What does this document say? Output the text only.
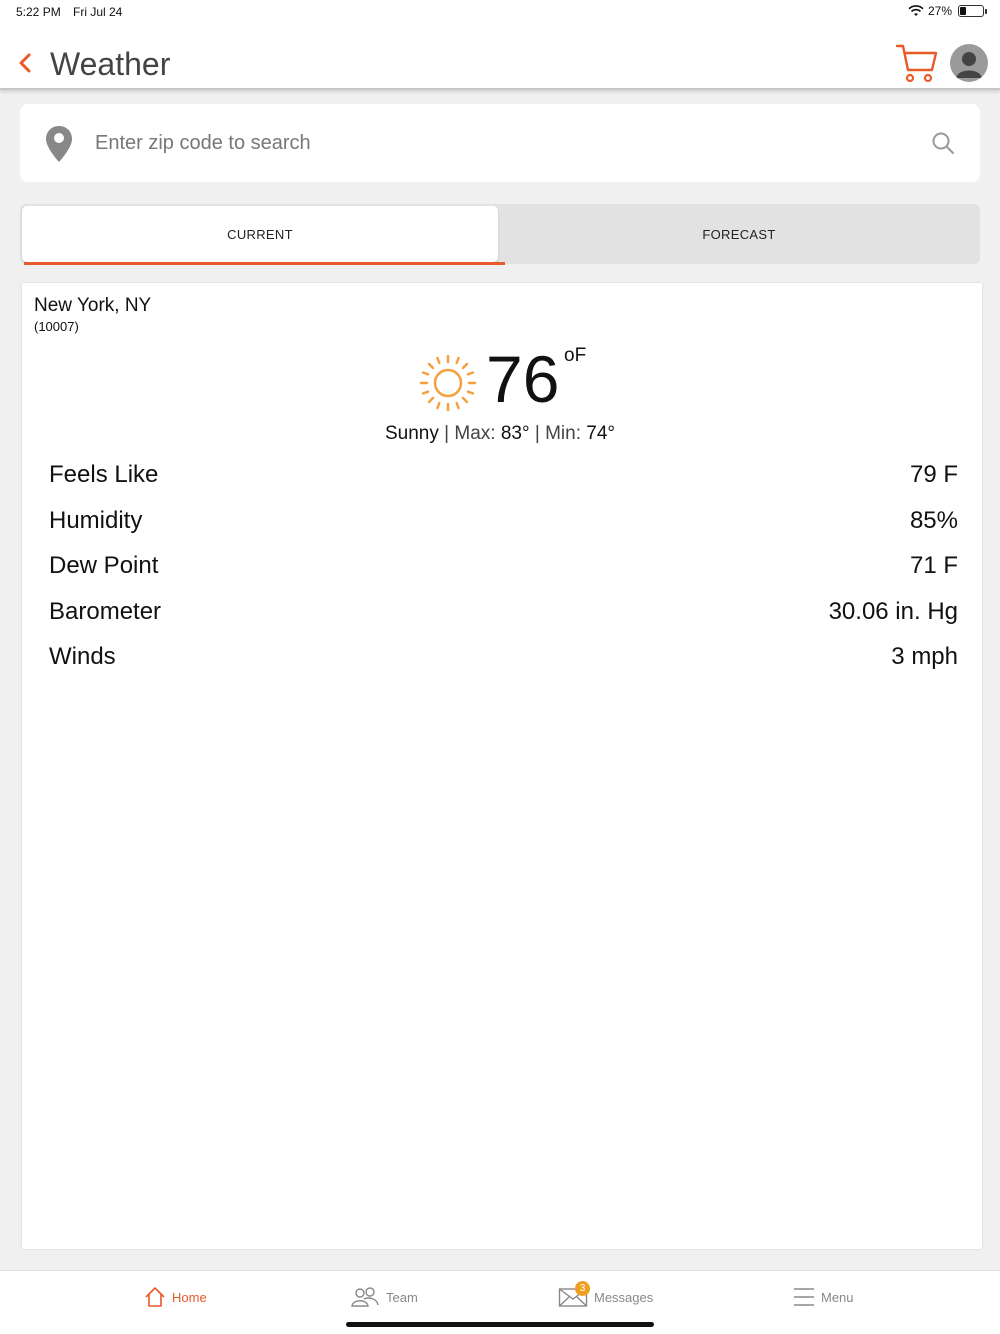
5:22 PM Fri Jul 24	27%
Weather
Enter zip code to search
CURRENT	FORECAST
New York, NY
(10007)
76 oF
Sunny | Max: 83° | Min: 74°
Feels Like	79 F
Humidity	85%
Dew Point	71 F
Barometer	30.06 in. Hg
Winds	3 mph
Home	Team
3
Messages	Menu
